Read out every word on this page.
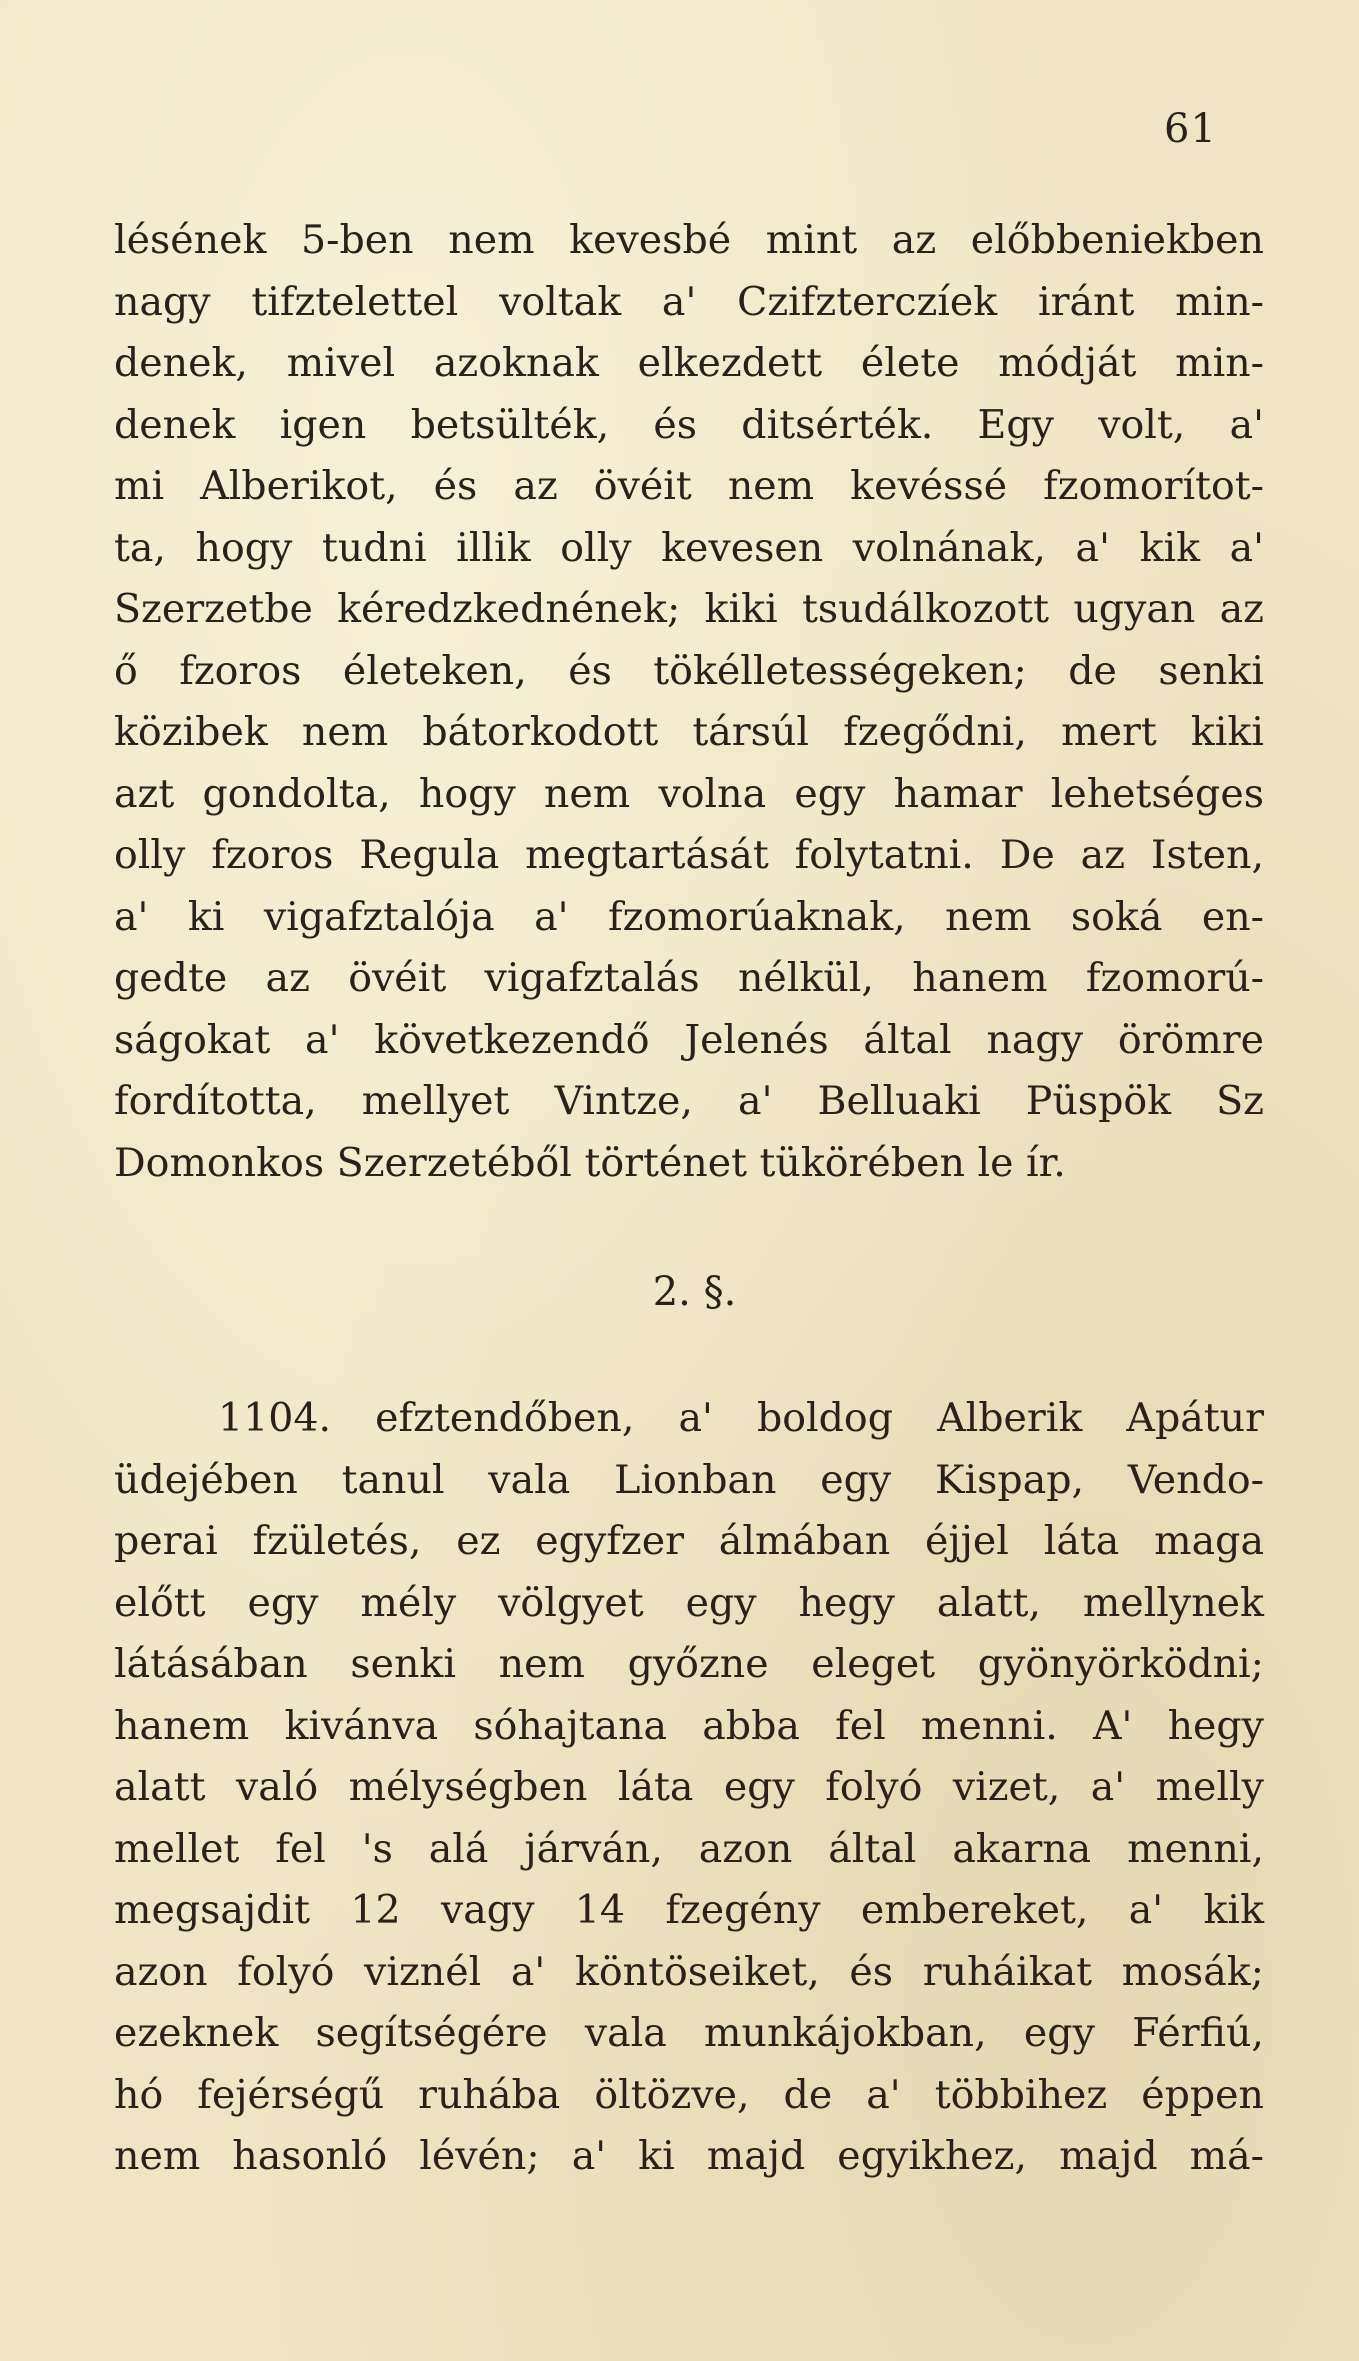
61
lésének 5-ben nem kevesbé mint az előbbeniekben
nagy tifztelettel voltak a' Czifzterczíek iránt min-
denek, mivel azoknak elkezdett élete módját min-
denek igen betsülték, és ditsérték. Egy volt, a'
mi Alberikot, és az övéit nem kevéssé fzomorítot-
ta, hogy tudni illik olly kevesen volnának, a' kik a'
Szerzetbe kéredzkednének; kiki tsudálkozott ugyan az
ő fzoros életeken, és tökélletességeken; de senki
közibek nem bátorkodott társúl fzegődni, mert kiki
azt gondolta, hogy nem volna egy hamar lehetséges
olly fzoros Regula megtartását folytatni. De az Isten,
a' ki vigafztalója a' fzomorúaknak, nem soká en-
gedte az övéit vigafztalás nélkül, hanem fzomorú-
ságokat a' következendő Jelenés által nagy örömre
fordította, mellyet Vintze, a' Belluaki Püspök Sz
Domonkos Szerzetéből történet tükörében le ír.
2. §.
1104. efztendőben, a' boldog Alberik Apátur
üdejében tanul vala Lionban egy Kispap, Vendo-
perai fzületés, ez egyfzer álmában éjjel láta maga
előtt egy mély völgyet egy hegy alatt, mellynek
látásában senki nem győzne eleget gyönyörködni;
hanem kivánva sóhajtana abba fel menni. A' hegy
alatt való mélységben láta egy folyó vizet, a' melly
mellet fel 's alá járván, azon által akarna menni,
megsajdit 12 vagy 14 fzegény embereket, a' kik
azon folyó viznél a' köntöseiket, és ruháikat mosák;
ezeknek segítségére vala munkájokban, egy Férfiú,
hó fejérségű ruhába öltözve, de a' többihez éppen
nem hasonló lévén; a' ki majd egyikhez, majd má-
